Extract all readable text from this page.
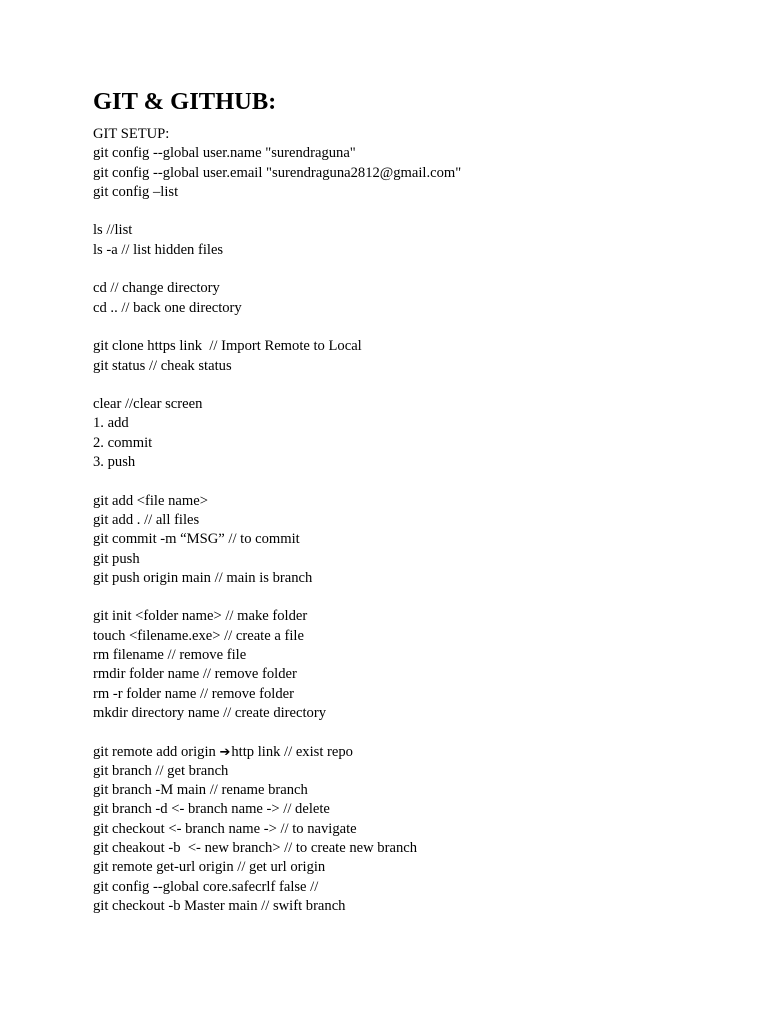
GIT & GITHUB:
GIT SETUP:
git config --global user.name "surendraguna"
git config --global user.email "surendraguna2812@gmail.com"
git config –list
ls //list
ls -a // list hidden files
cd // change directory
cd .. // back one directory
git clone https link  // Import Remote to Local
git status // cheak status
clear //clear screen
1. add
2. commit
3. push
git add <file name>
git add . // all files
git commit -m “MSG” // to commit
git push
git push origin main // main is branch
git init <folder name> // make folder
touch <filename.exe> // create a file
rm filename // remove file
rmdir folder name // remove folder
rm -r folder name // remove folder
mkdir directory name // create directory
git remote add origin ➔http link // exist repo
git branch // get branch
git branch -M main // rename branch
git branch -d <- branch name -> // delete
git checkout <- branch name -> // to navigate
git cheakout -b  <- new branch> // to create new branch
git remote get-url origin // get url origin
git config --global core.safecrlf false //
git checkout -b Master main // swift branch
